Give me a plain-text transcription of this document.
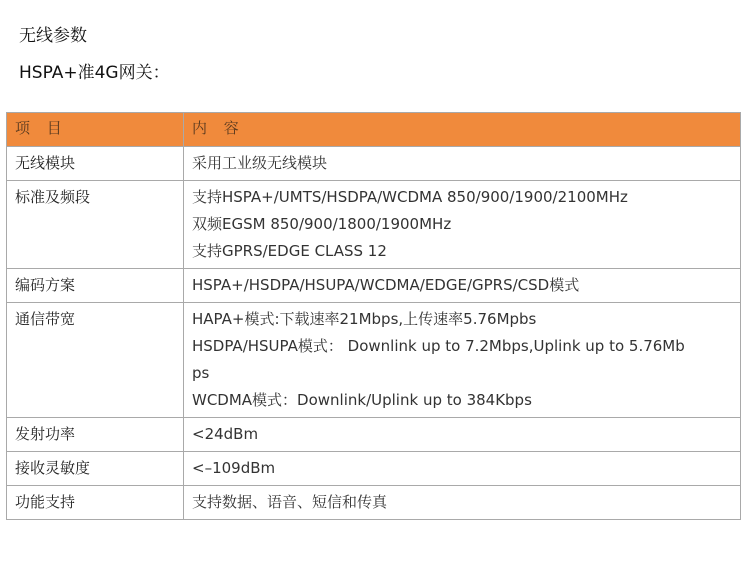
无线参数
HSPA+准4G网关：
项 目	内 容
无线模块	采用工业级无线模块

标准及频段	支持HSPA+/UMTS/HSDPA/WCDMA 850/900/1900/2100MHz
双频EGSM 850/900/1800/1900MHz
支持GPRS/EDGE CLASS 12

编码方案	HSPA+/HSDPA/HSUPA/WCDMA/EDGE/GPRS/CSD模式

通信带宽	HAPA+模式:下载速率21Mbps,上传速率5.76Mpbs
HSDPA/HSUPA模式： Downlink up to 7.2Mbps,Uplink up to 5.76Mb
ps
WCDMA模式：Downlink/Uplink up to 384Kbps

发射功率	<24dBm

接收灵敏度	<–109dBm

功能支持	支持数据、语音、短信和传真
